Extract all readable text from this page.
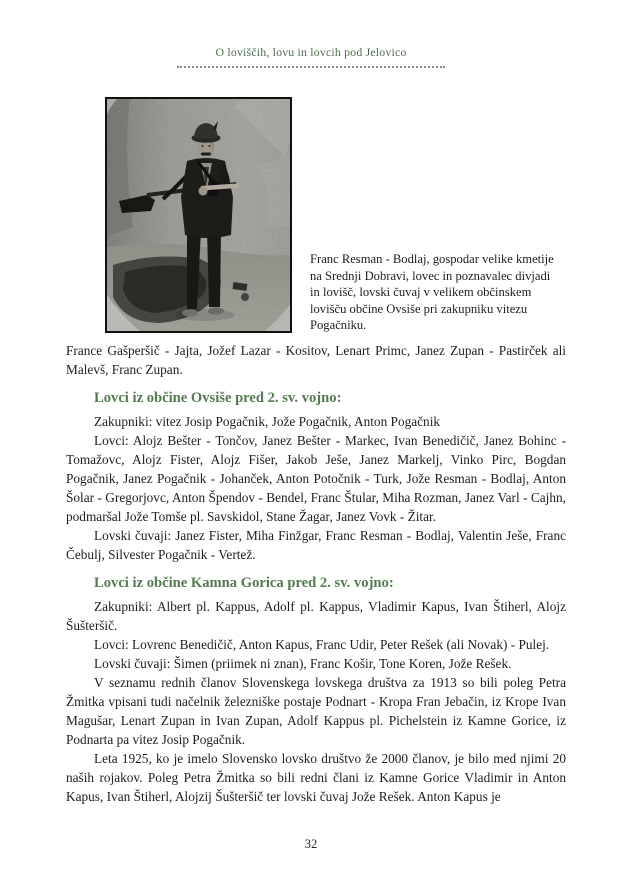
O loviščih, lovu in lovcih pod Jelovico
Franc Resman - Bodlaj, gospodar velike kmetije na Srednji Dobravi, lovec in poznavalec divjadi in lovišč, lovski čuvaj v velikem občinskem lovišču občine Ovsiše pri zakupniku vitezu Pogačniku.

France Gašperšič - Jajta, Jožef Lazar - Kositov, Lenart Primc, Janez Zupan - Pastirček ali Malevš, Franc Zupan.

Lovci iz občine Ovsiše pred 2. sv. vojno:

Zakupniki: vitez Josip Pogačnik, Jože Pogačnik, Anton Pogačnik

Lovci: Alojz Bešter - Tončov, Janez Bešter - Markec, Ivan Benedičič, Janez Bohinc - Tomažovc, Alojz Fister, Alojz Fišer, Jakob Ješe, Janez Markelj, Vinko Pirc, Bogdan Pogačnik, Janez Pogačnik - Johanček, Anton Potočnik - Turk, Jože Resman - Bodlaj, Anton Šolar - Gregorjovc, Anton Špendov - Bendel, Franc Štular, Miha Rozman, Janez Varl - Cajhn, podmaršal Jože Tomše pl. Savskidol, Stane Žagar, Janez Vovk - Žitar.

Lovski čuvaji: Janez Fister, Miha Finžgar, Franc Resman - Bodlaj, Valentin Ješe, Franc Čebulj, Silvester Pogačnik - Vertež.

Lovci iz občine Kamna Gorica pred 2. sv. vojno:

Zakupniki: Albert pl. Kappus, Adolf pl. Kappus, Vladimir Kapus, Ivan Štiherl, Alojz Šušteršič.

Lovci: Lovrenc Benedičič, Anton Kapus, Franc Udir, Peter Rešek (ali Novak) - Pulej.

Lovski čuvaji: Šimen (priimek ni znan), Franc Košir, Tone Koren, Jože Rešek.

V seznamu rednih članov Slovenskega lovskega društva za 1913 so bili poleg Petra Žmitka vpisani tudi načelnik železniške postaje Podnart - Kropa Fran Jebačin, iz Krope Ivan Magušar, Lenart Zupan in Ivan Zupan, Adolf Kappus pl. Pichelstein iz Kamne Gorice, iz Podnarta pa vitez Josip Pogačnik.

Leta 1925, ko je imelo Slovensko lovsko društvo že 2000 članov, je bilo med njimi 20 naših rojakov. Poleg Petra Žmitka so bili redni člani iz Kamne Gorice Vladimir in Anton Kapus, Ivan Štiherl, Alojzij Šušteršič ter lovski čuvaj Jože Rešek. Anton Kapus je

32
